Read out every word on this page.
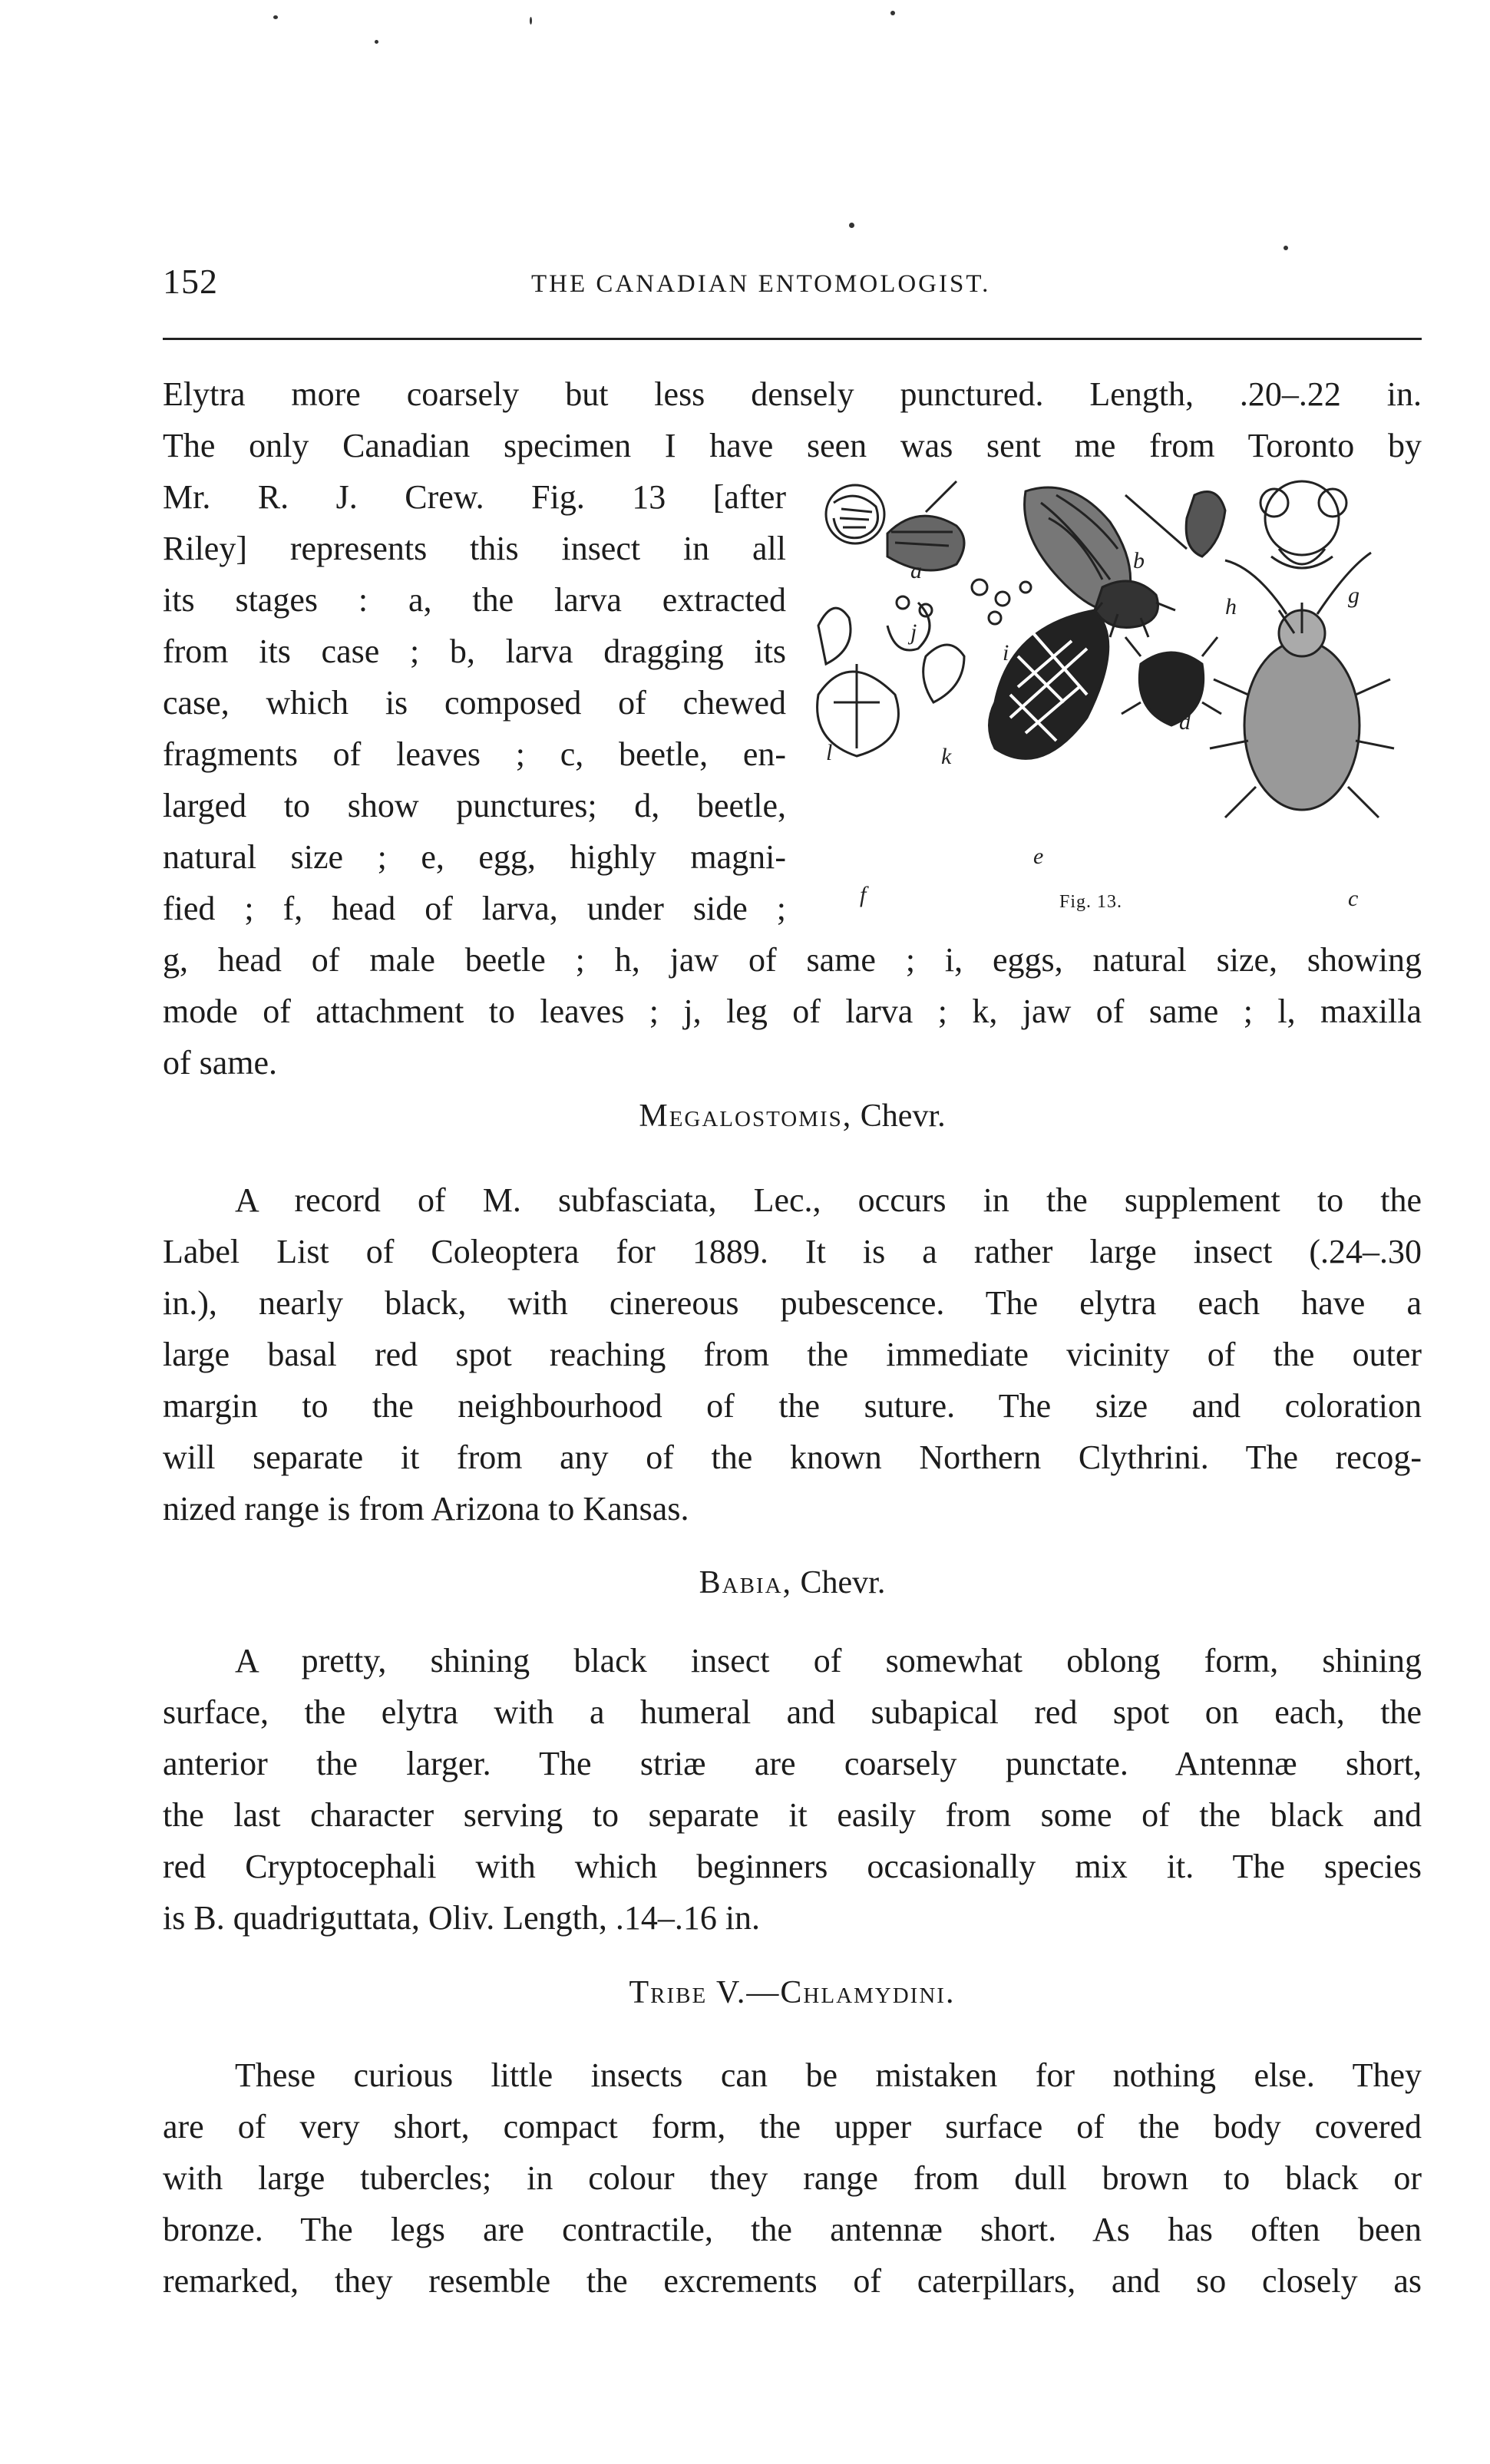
152	THE CANADIAN ENTOMOLOGIST.
Elytra more coarsely but less densely punctured. Length, .20–.22 in.
The only Canadian specimen I have seen was sent me from Toronto by
Mr. R. J. Crew. Fig. 13 [after
Riley] represents this insect in all
its stages : a, the larva extracted
from its case ; b, larva dragging its
case, which is composed of chewed
fragments of leaves ; c, beetle, en-
larged to show punctures; d, beetle,
natural size ; e, egg, highly magni-
fied ; f, head of larva, under side ;
a	b
c
d
e
f
g
h
i
j
k
l
Fig. 13.
g, head of male beetle ; h, jaw of same ; i, eggs, natural size, showing
mode of attachment to leaves ; j, leg of larva ; k, jaw of same ; l, maxilla
of same.
Megalostomis, Chevr.
A record of M. subfasciata, Lec., occurs in the supplement to the
Label List of Coleoptera for 1889. It is a rather large insect (.24–.30
in.), nearly black, with cinereous pubescence. The elytra each have a
large basal red spot reaching from the immediate vicinity of the outer
margin to the neighbourhood of the suture. The size and coloration
will separate it from any of the known Northern Clythrini. The recog-
nized range is from Arizona to Kansas.
Babia, Chevr.
A pretty, shining black insect of somewhat oblong form, shining
surface, the elytra with a humeral and subapical red spot on each, the
anterior the larger. The striæ are coarsely punctate. Antennæ short,
the last character serving to separate it easily from some of the black and
red Cryptocephali with which beginners occasionally mix it. The species
is B. quadriguttata, Oliv. Length, .14–.16 in.
Tribe V.—Chlamydini.
These curious little insects can be mistaken for nothing else. They
are of very short, compact form, the upper surface of the body covered
with large tubercles; in colour they range from dull brown to black or
bronze. The legs are contractile, the antennæ short. As has often been
remarked, they resemble the excrements of caterpillars, and so closely as
